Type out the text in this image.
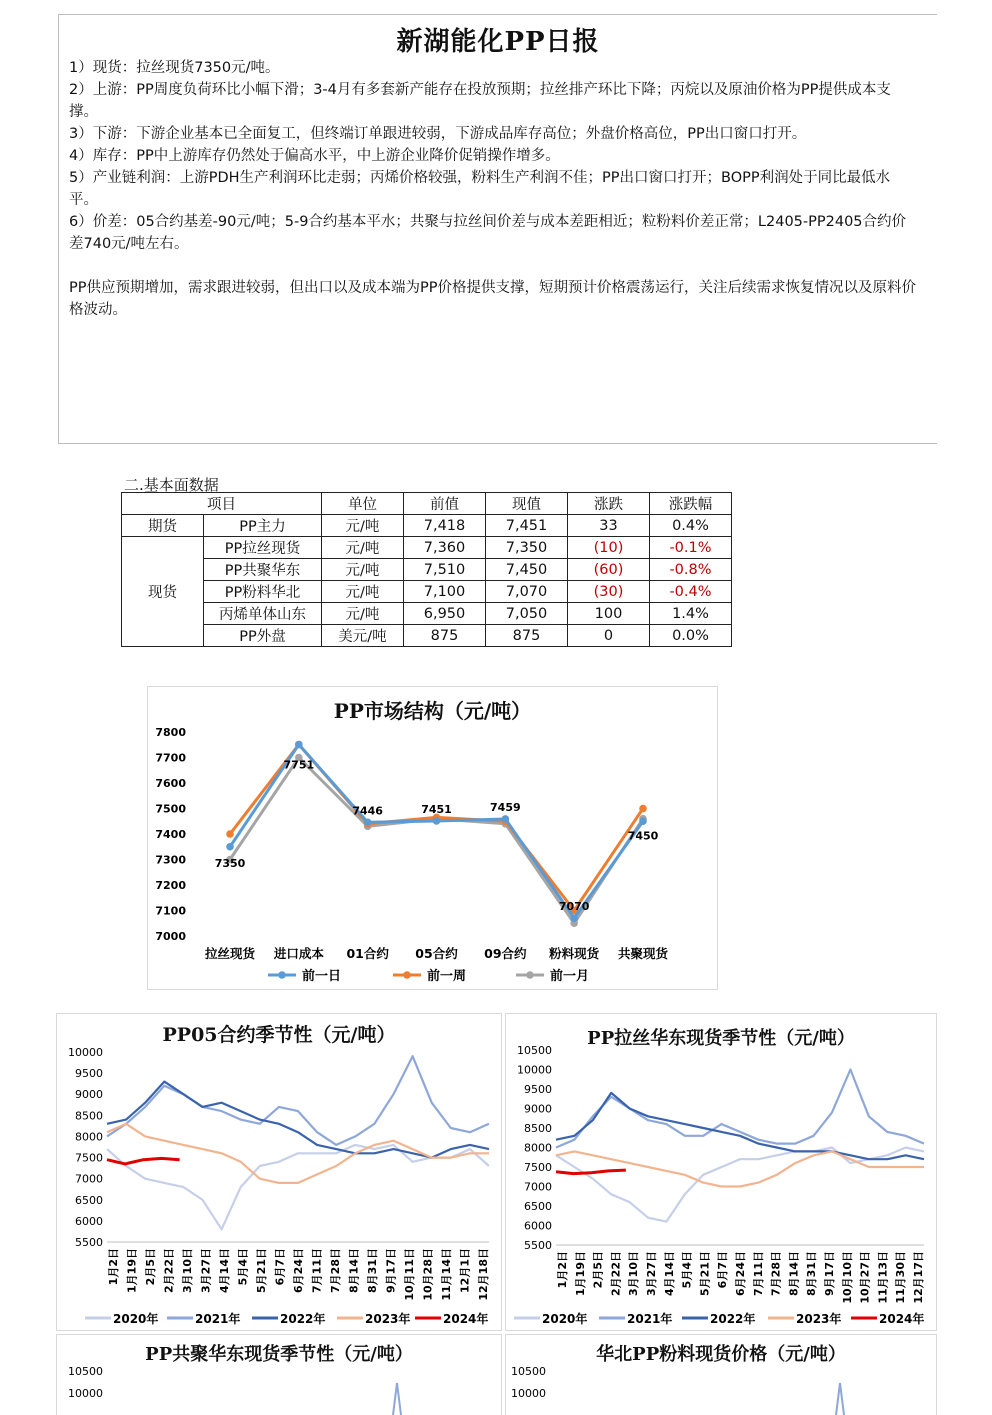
新湖能化PP日报

1）现货：拉丝现货7350元/吨。

2）上游：PP周度负荷环比小幅下滑；3-4月有多套新产能存在投放预期；拉丝排产环比下降；丙烷以及原油价格为PP提供成本支撑。

3）下游：下游企业基本已全面复工，但终端订单跟进较弱，下游成品库存高位；外盘价格高位，PP出口窗口打开。

4）库存：PP中上游库存仍然处于偏高水平，中上游企业降价促销操作增多。

5）产业链利润：上游PDH生产利润环比走弱；丙烯价格较强，粉料生产利润不佳；PP出口窗口打开；BOPP利润处于同比最低水平。

6）价差：05合约基差-90元/吨；5-9合约基本平水；共聚与拉丝间价差与成本差距相近；粒粉料价差正常；L2405-PP2405合约价差740元/吨左右。

PP供应预期增加，需求跟进较弱，但出口以及成本端为PP价格提供支撑，短期预计价格震荡运行，关注后续需求恢复情况以及原料价格波动。

二.基本面数据
项目		单位	前值	现值	涨跌	涨跌幅
期货	PP主力	元/吨	7,418	7,451	33	0.4%
现货	PP拉丝现货	元/吨	7,360	7,350	(10)	-0.1%
	PP共聚华东	元/吨	7,510	7,450	(60)	-0.8%
	PP粉料华北	元/吨	7,100	7,070	(30)	-0.4%
	丙烯单体山东	元/吨	6,950	7,050	100	1.4%
	PP外盘	美元/吨	875	875	0	0.0%
PP市场结构（元/吨）
7000
7100
7200
7300
7400
7500
7600
7700
7800
拉丝现货 进口成本 01合约 05合约 09合约 粉料现货 共聚现货
7350
7751
7446	7451	7459
7070
7450
前一日	前一周	前一月
PP05合约季节性（元/吨）
5500
6000
6500
7000
7500
8000
8500
9000
9500
10000
1月2日 1月19日 2月5日 2月22日 3月10日 3月27日 4月14日 5月4日 5月21日 6月7日 6月24日 7月11日 7月28日 8月14日 8月31日 9月17日 10月11日 10月28日 11月14日 12月1日 12月18日
2020年	2021年	2022年	2023年	2024年
PP拉丝华东现货季节性（元/吨）
5500
6000
6500
7000
7500
8000
8500
9000
9500
10000
10500
1月2日 1月19日 2月5日 2月22日 3月10日 3月27日 4月14日 5月4日 5月21日 6月7日 6月24日 7月11日 7月28日 8月14日 8月31日 9月17日 10月10日 10月27日 11月13日 11月30日 12月17日
2020年	2021年	2022年	2023年	2024年
PP共聚华东现货季节性（元/吨）
10500
10000
华北PP粉料现货价格（元/吨）
10500
10000
